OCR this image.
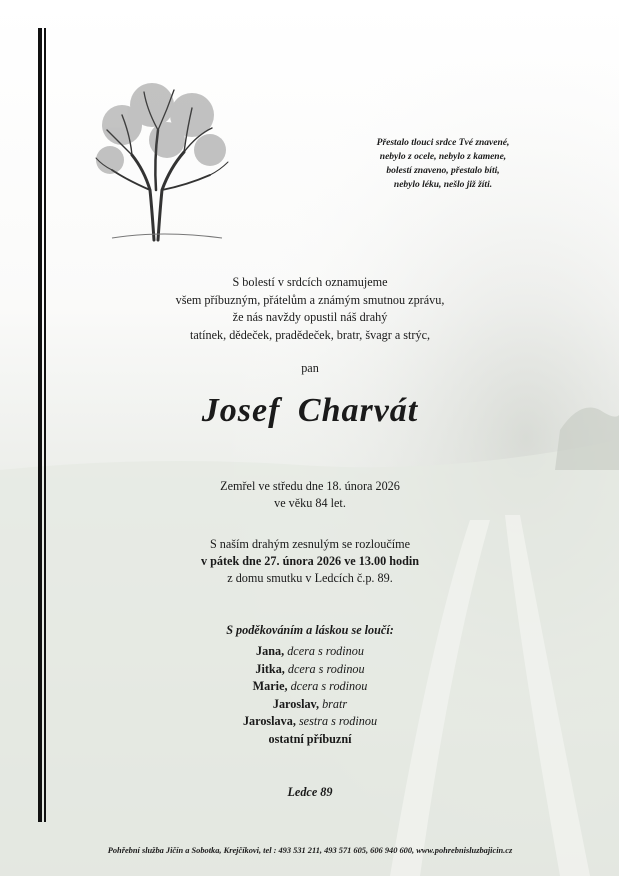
Přestalo tlouci srdce Tvé znavené,
nebylo z ocele, nebylo z kamene,
bolestí znaveno, přestalo bíti,
nebylo léku, nešlo již žíti.
S bolestí v srdcích oznamujeme
všem příbuzným, přátelům a známým smutnou zprávu,
že nás navždy opustil náš drahý
tatínek, dědeček, pradědeček, bratr, švagr a strýc,
pan
Josef Charvát
Zemřel ve středu dne 18. února 2026
ve věku 84 let.
S naším drahým zesnulým se rozloučíme
v pátek dne 27. února 2026 ve 13.00 hodin
z domu smutku v Ledcích č.p. 89.
S poděkováním a láskou se loučí:
Jana, dcera s rodinou
Jitka, dcera s rodinou
Marie, dcera s rodinou
Jaroslav, bratr
Jaroslava, sestra s rodinou
ostatní příbuzní
Ledce 89
Pohřební služba Jičín a Sobotka, Krejčíkovi, tel : 493 531 211, 493 571 605, 606 940 600, www.pohrebnisluzbajicin.cz
